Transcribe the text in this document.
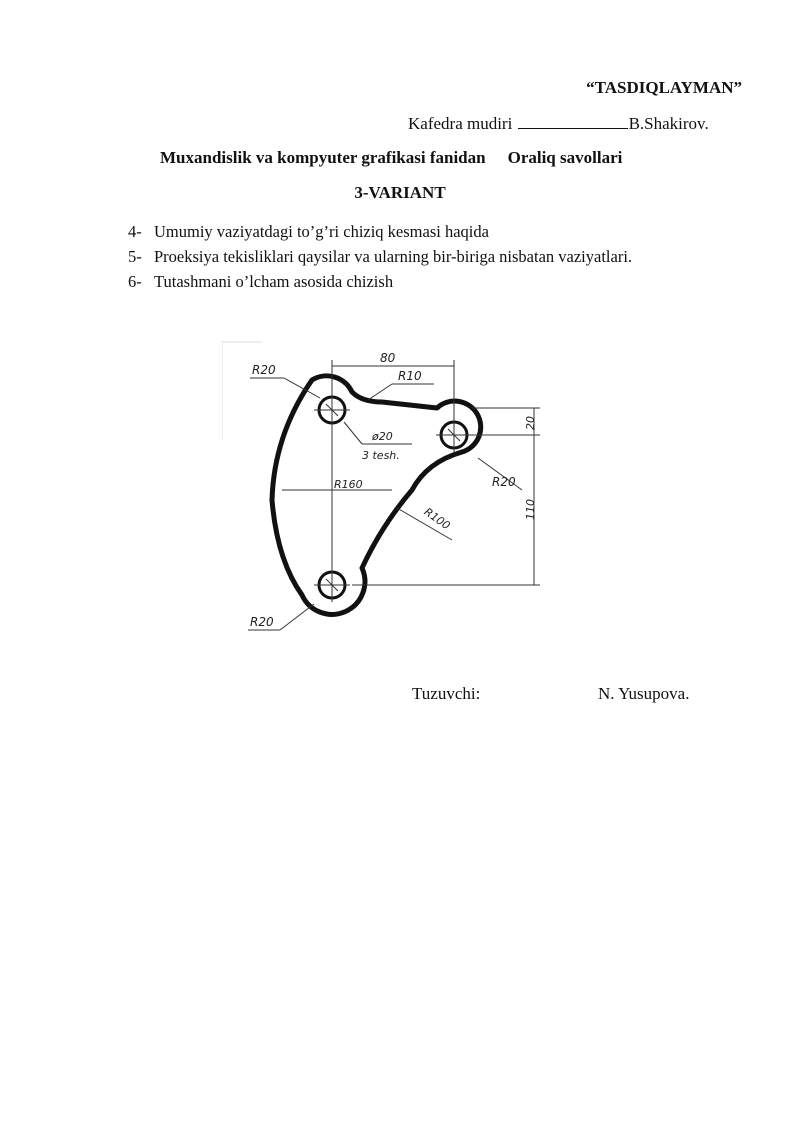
“TASDIQLAYMAN”
Kafedra mudiri	B.Shakirov.
Muxandislik va kompyuter grafikasi fanidan Oraliq savollari
3-VARIANT
4- Umumiy vaziyatdagi to’g’ri chiziq kesmasi haqida
5- Proeksiya tekisliklari qaysilar va ularning bir-biriga nisbatan vaziyatlari.
6- Tutashmani o’lcham asosida chizish
R20
80
R10
ø20
3 tesh.
20
R20
R160
R100	110
R20
Tuzuvchi:	N. Yusupova.
